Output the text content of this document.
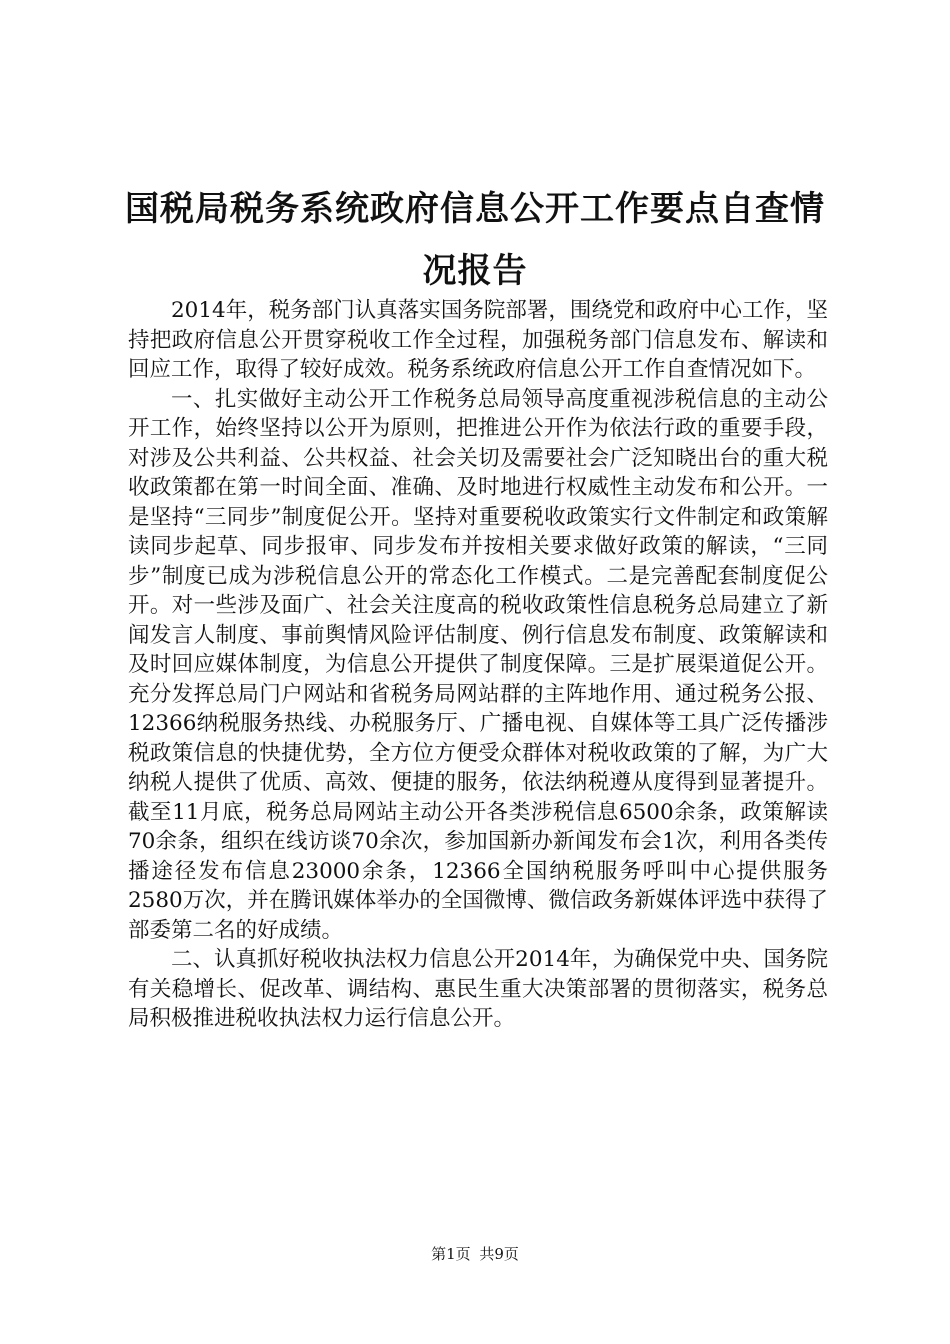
国税局税务系统政府信息公开工作要点自查情况报告

2014年，税务部门认真落实国务院部署，围绕党和政府中心工作，坚持把政府信息公开贯穿税收工作全过程，加强税务部门信息发布、解读和回应工作，取得了较好成效。税务系统政府信息公开工作自查情况如下。

一、扎实做好主动公开工作税务总局领导高度重视涉税信息的主动公开工作，始终坚持以公开为原则，把推进公开作为依法行政的重要手段，对涉及公共利益、公共权益、社会关切及需要社会广泛知晓出台的重大税收政策都在第一时间全面、准确、及时地进行权威性主动发布和公开。一是坚持“三同步”制度促公开。坚持对重要税收政策实行文件制定和政策解读同步起草、同步报审、同步发布并按相关要求做好政策的解读，“三同步”制度已成为涉税信息公开的常态化工作模式。二是完善配套制度促公开。对一些涉及面广、社会关注度高的税收政策性信息税务总局建立了新闻发言人制度、事前舆情风险评估制度、例行信息发布制度、政策解读和及时回应媒体制度，为信息公开提供了制度保障。三是扩展渠道促公开。充分发挥总局门户网站和省税务局网站群的主阵地作用、通过税务公报、12366纳税服务热线、办税服务厅、广播电视、自媒体等工具广泛传播涉税政策信息的快捷优势，全方位方便受众群体对税收政策的了解，为广大纳税人提供了优质、高效、便捷的服务，依法纳税遵从度得到显著提升。截至11月底，税务总局网站主动公开各类涉税信息6500余条，政策解读70余条，组织在线访谈70余次，参加国新办新闻发布会1次，利用各类传播途径发布信息23000余条，12366全国纳税服务呼叫中心提供服务2580万次，并在腾讯媒体举办的全国微博、微信政务新媒体评选中获得了部委第二名的好成绩。

二、认真抓好税收执法权力信息公开2014年，为确保党中央、国务院有关稳增长、促改革、调结构、惠民生重大决策部署的贯彻落实，税务总局积极推进税收执法权力运行信息公开。

第1页 共9页
